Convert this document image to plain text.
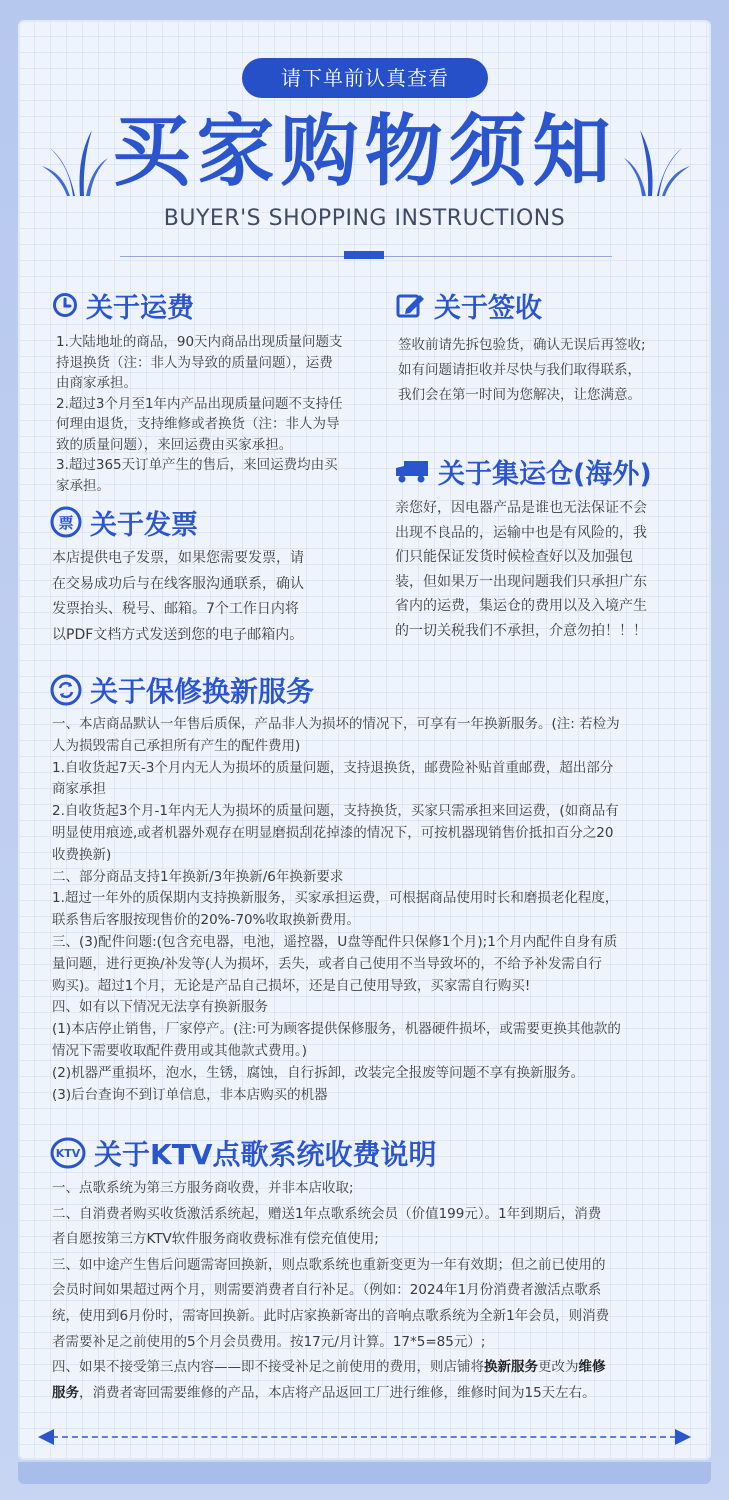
请下单前认真查看
买家购物须知
BUYER'S SHOPPING INSTRUCTIONS
关于运费

1.大陆地址的商品，90天内商品出现质量问题支

持退换货（注：非人为导致的质量问题），运费

由商家承担。

2.超过3个月至1年内产品出现质量问题不支持任

何理由退货，支持维修或者换货（注：非人为导

致的质量问题），来回运费由买家承担。

3.超过365天订单产生的售后，来回运费均由买

家承担。

关于签收

签收前请先拆包验货，确认无误后再签收;

如有问题请拒收并尽快与我们取得联系，

我们会在第一时间为您解决，让您满意。

关于集运仓(海外)

亲您好，因电器产品是谁也无法保证不会

出现不良品的，运输中也是有风险的，我

们只能保证发货时候检查好以及加强包

装，但如果万一出现问题我们只承担广东

省内的运费，集运仓的费用以及入境产生

的一切关税我们不承担，介意勿拍！！！

票 关于发票

本店提供电子发票，如果您需要发票，请

在交易成功后与在线客服沟通联系，确认

发票抬头、税号、邮箱。7个工作日内将

以PDF文档方式发送到您的电子邮箱内。

关于保修换新服务

一、本店商品默认一年售后质保，产品非人为损坏的情况下，可享有一年换新服务。(注: 若检为

人为损毁需自己承担所有产生的配件费用)

1.自收货起7天-3个月内无人为损坏的质量问题，支持退换货，邮费险补贴首重邮费，超出部分

商家承担

2.自收货起3个月-1年内无人为损坏的质量问题，支持换货，买家只需承担来回运费，(如商品有

明显使用痕迹,或者机器外观存在明显磨损刮花掉漆的情况下，可按机器现销售价抵扣百分之20

收费换新)

二、部分商品支持1年换新/3年换新/6年换新要求

1.超过一年外的质保期内支持换新服务，买家承担运费，可根据商品使用时长和磨损老化程度，

联系售后客服按现售价的20%-70%收取换新费用。

三、(3)配件问题:(包含充电器，电池，遥控器，U盘等配件只保修1个月);1个月内配件自身有质

量问题，进行更换/补发等(人为损坏，丢失，或者自己使用不当导致坏的，不给予补发需自行

购买)。超过1个月，无论是产品自己损坏，还是自己使用导致，买家需自行购买!

四、如有以下情况无法享有换新服务

(1)本店停止销售，厂家停产。(注:可为顾客提供保修服务，机器硬件损坏，或需要更换其他款的

情况下需要收取配件费用或其他款式费用。)

(2)机器严重损坏，泡水，生锈，腐蚀，自行拆卸，改装完全报废等问题不享有换新服务。

(3)后台查询不到订单信息，非本店购买的机器

KTV 关于KTV点歌系统收费说明

一、点歌系统为第三方服务商收费，并非本店收取;

二、自消费者购买收货激活系统起，赠送1年点歌系统会员（价值199元）。1年到期后，消费

者自愿按第三方KTV软件服务商收费标准有偿充值使用;

三、如中途产生售后问题需寄回换新，则点歌系统也重新变更为一年有效期；但之前已使用的

会员时间如果超过两个月，则需要消费者自行补足。（例如：2024年1月份消费者激活点歌系

统，使用到6月份时，需寄回换新。此时店家换新寄出的音响点歌系统为全新1年会员，则消费

者需要补足之前使用的5个月会员费用。按17元/月计算。17*5=85元）;

四、如果不接受第三点内容——即不接受补足之前使用的费用，则店铺将换新服务更改为维修

服务，消费者寄回需要维修的产品，本店将产品返回工厂进行维修，维修时间为15天左右。
